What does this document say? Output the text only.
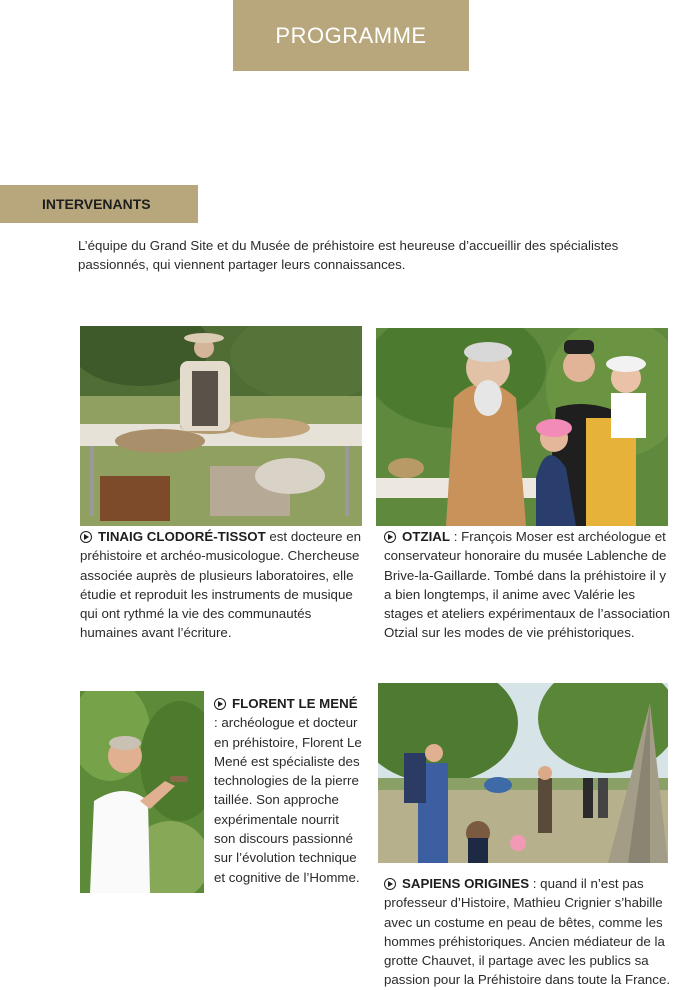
PROGRAMME
INTERVENANTS

L’équipe du Grand Site et du Musée de préhistoire est heureuse d’accueillir des spécialistes passionnés, qui viennent partager leurs connaissances.

TINAIG CLODORÉ-TISSOT est docteure en préhistoire et archéo-musicologue. Chercheuse associée auprès de plusieurs laboratoires, elle étudie et reproduit les instruments de musique qui ont rythmé la vie des communautés humaines avant l’écriture.

OTZIAL : François Moser est archéologue et conservateur honoraire du musée Lablenche de Brive-la-Gaillarde. Tombé dans la préhistoire il y a bien longtemps, il anime avec Valérie les stages et ateliers expérimentaux de l’association Otzial sur les modes de vie préhistoriques.

FLORENT LE MENÉ : archéologue et docteur en préhistoire, Florent Le Mené est spécialiste des technologies de la pierre taillée. Son approche expérimentale nourrit son discours passionné sur l’évolution technique et cognitive de l’Homme.	SAPIENS ORIGINES : quand il n’est pas professeur d’Histoire, Mathieu Crignier s’habille avec un costume en peau de bêtes, comme les hommes préhistoriques. Ancien médiateur de la grotte Chauvet, il partage avec les publics sa passion pour la Préhistoire dans toute la France.
